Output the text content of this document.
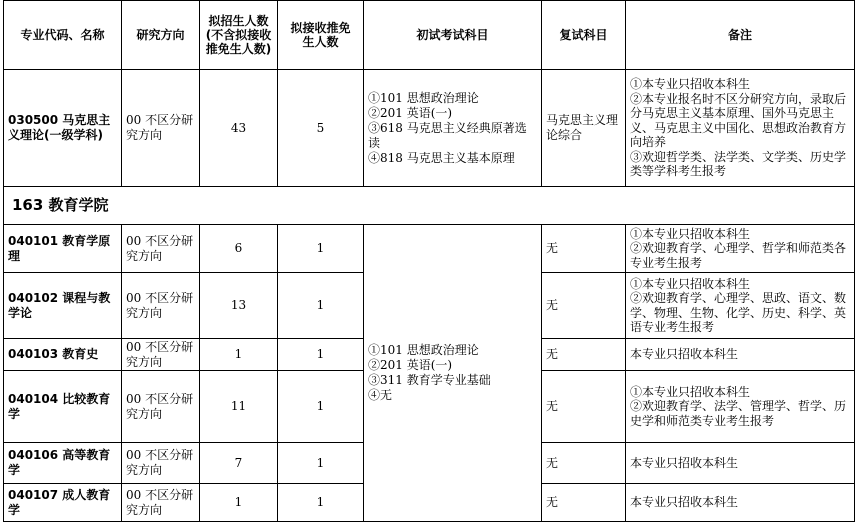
专业代码、名称	研究方向	拟招生人数(不含拟接收推免生人数)	拟接收推免生人数	初试考试科目	复试科目	备注
030500 马克思主义理论(一级学科)	00 不区分研究方向	43	5	①101 思想政治理论
②201 英语(一)
③618 马克思主义经典原著选读
④818 马克思主义基本原理	马克思主义理论综合	①本专业只招收本科生
②本专业报名时不区分研究方向，录取后分马克思主义基本原理、国外马克思主义、马克思主义中国化、思想政治教育方向培养
③欢迎哲学类、法学类、文学类、历史学类等学科考生报考

163 教育学院						
040101 教育学原理	00 不区分研究方向	6	1	①101 思想政治理论
②201 英语(一)
③311 教育学专业基础
④无	无	①本专业只招收本科生
②欢迎教育学、心理学、哲学和师范类各专业考生报考

040102 课程与教学论	00 不区分研究方向	13	1		无	①本专业只招收本科生
②欢迎教育学、心理学、思政、语文、数学、物理、生物、化学、历史、科学、英语专业考生报考

040103 教育史	00 不区分研究方向	1	1		无	本专业只招收本科生

040104 比较教育学	00 不区分研究方向	11	1		无	①本专业只招收本科生
②欢迎教育学、法学、管理学、哲学、历史学和师范类专业考生报考

040106 高等教育学	00 不区分研究方向	7	1		无	本专业只招收本科生

040107 成人教育学	00 不区分研究方向	1	1		无	本专业只招收本科生
